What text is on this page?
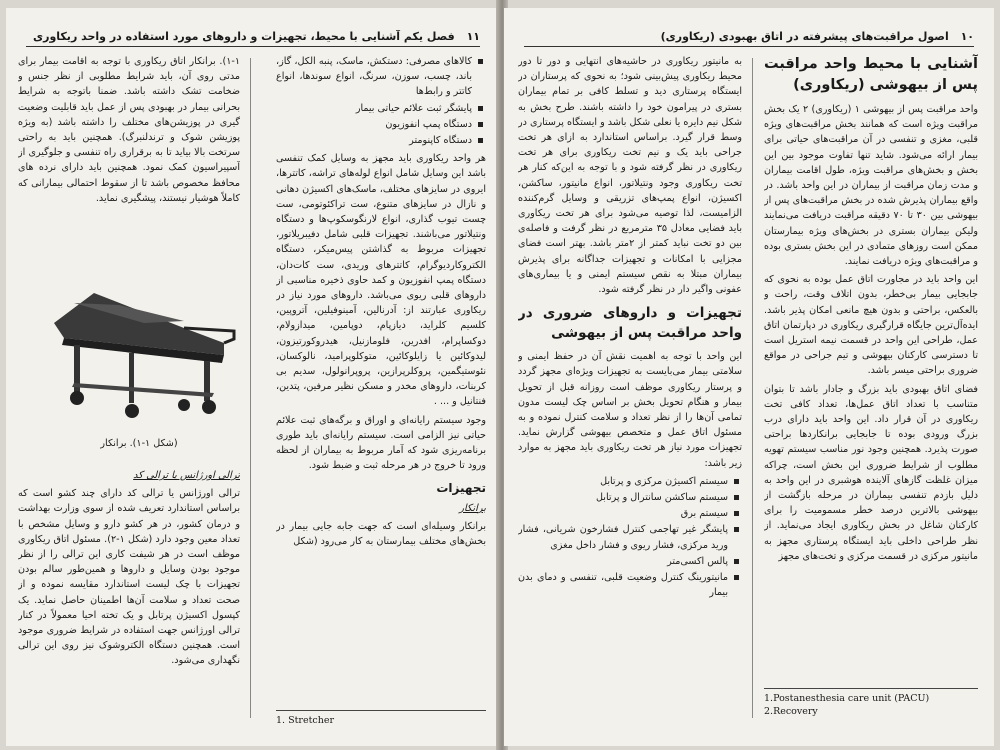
۱۱ فصل یکم آشنایی با محیط، تجهیزات و داروهای مورد استفاده در واحد ریکاوری
کالاهای مصرفی: دستکش، ماسک، پنبه الکل، گاز، باند، چسب، سوزن، سرنگ، انواع سوندها، انواع کاتتر و رابط‌ها
پایشگر ثبت علائم حیاتی بیمار
دستگاه پمپ انفوزیون
دستگاه کاپنومتر

هر واحد ریکاوری باید مجهز به وسایل کمک تنفسی باشد این وسایل شامل انواع لوله‌های تراشه، کاتترها، ایروی در سایزهای مختلف، ماسک‌های اکسیژن دهانی و نازال در سایزهای متنوع، ست تراکئوتومی، ست چست تیوب گذاری، انواع لارنگوسکوپ‌ها و دستگاه ونتیلاتور می‌باشند. تجهیزات قلبی شامل دفیبریلاتور، تجهیزات مربوط به گذاشتن پیس‌میکر، دستگاه الکتروکاردیوگرام، کاتترهای وریدی، ست کات‌دان، دستگاه پمپ انفوزیون و کمد حاوی ذخیره مناسبی از داروهای قلبی ریوی می‌باشد. داروهای مورد نیاز در ریکاوری عبارتند از: آدرنالین، آمینوفیلین، آتروپین، کلسیم کلراید، دیازپام، دوپامین، میدازولام، دوکساپرام، افدرین، فلومازنیل، هیدروکورتیزون، لیدوکائین یا زایلوکائین، متوکلوپرامید، نالوکسان، نئوستیگمین، پروکلرپرازین، پروپرانولول، سدیم بی کربنات، داروهای مخدر و مسکن نظیر مرفین، پتدین، فنتانیل و ... .

وجود سیستم رایانه‌ای و اوراق و برگه‌های ثبت علائم حیاتی نیز الزامی است. سیستم رایانه‌ای باید طوری برنامه‌ریزی شود که آمار مربوط به بیماران از لحظه ورود تا خروج در هر مرحله ثبت و ضبط شود.

تجهیزات
برانکار

برانکار وسیله‌ای است که جهت جابه جایی بیمار در بخش‌های مختلف بیمارستان به کار می‌رود (شکل

1. Stretcher

۱-۱). برانکار اتاق ریکاوری با توجه به اقامت بیمار برای مدتی روی آن، باید شرایط مطلوبی از نظر جنس و ضخامت تشک داشته باشد. ضمنا باتوجه به شرایط بحرانی بیمار در بهبودی پس از عمل باید قابلیت وضعیت گیری در پوزیشن‌های مختلف را داشته باشد (به ویژه پوزیشن شوک و ترندلنبرگ). همچنین باید به راحتی سرتخت بالا بیاید تا به برقراری راه تنفسی و جلوگیری از آسپیراسیون کمک نمود. همچنین باید دارای نرده های محافظ مخصوص باشد تا از سقوط احتمالی بیمارانی که کاملاً هوشیار نیستند، پیشگیری نماید.

(شکل ۱-۱). برانکار
ترالی اورژانس یا ترالی کد

ترالی اورژانس یا ترالی کد دارای چند کشو است که براساس استاندارد تعریف شده از سوی وزارت بهداشت و درمان کشور، در هر کشو دارو و وسایل مشخص با تعداد معین وجود دارد (شکل ۱-۲). مسئول اتاق ریکاوری موظف است در هر شیفت کاری این ترالی را از نظر موجود بودن وسایل و داروها و همین‌طور سالم بودن تجهیزات با چک لیست استاندارد مقایسه نموده و از صحت تعداد و سلامت آن‌ها اطمینان حاصل نماید. یک کپسول اکسیژن پرتابل و یک تخته احیا معمولاً در کنار ترالی اورژانس جهت استفاده در شرایط ضروری موجود است. همچنین دستگاه الکتروشوک نیز روی این ترالی نگهداری می‌شود.

۱۰ اصول مراقبت‌های پیشرفته در اتاق بهبودی (ریکاوری)
آشنایی با محیط واحد مراقبت پس از بیهوشی (ریکاوری)

واحد مراقبت پس از بیهوشی ۱ (ریکاوری) ۲ یک بخش مراقبت ویژه است که همانند بخش مراقبت‌های ویژه قلبی، مغزی و تنفسی در آن مراقبت‌های حیاتی برای بیمار ارائه می‌شود. شاید تنها تفاوت موجود بین این بخش و بخش‌های مراقبت ویژه، طول اقامت بیماران و مدت زمان مراقبت از بیماران در این واحد باشد. در واقع بیماران پذیرش شده در بخش مراقبت‌های پس از بیهوشی بین ۳۰ تا ۷۰ دقیقه مراقبت دریافت می‌نمایند ولیکن بیماران بستری در بخش‌های ویژه بیمارستان ممکن است روزهای متمادی در این بخش بستری بوده و مراقبت‌های ویژه دریافت نمایند.

این واحد باید در مجاورت اتاق عمل بوده به نحوی که جابجایی بیمار بی‌خطر، بدون اتلاف وقت، راحت و بالعکس، براحتی و بدون هیچ مانعی امکان پذیر باشد. ایده‌آل‌ترین جایگاه قرارگیری ریکاوری در دپارتمان اتاق عمل، طراحی این واحد در قسمت نیمه استریل است تا دسترسی کارکنان بیهوشی و تیم جراحی در مواقع ضروری براحتی میسر باشد.

فضای اتاق بهبودی باید بزرگ و جادار باشد تا بتوان متناسب با تعداد اتاق عمل‌ها، تعداد کافی تخت ریکاوری در آن قرار داد. این واحد باید دارای درب بزرگ ورودی بوده تا جابجایی برانکاردها براحتی صورت پذیرد. همچنین وجود نور مناسب سیستم تهویه مطلوب از شرایط ضروری این بخش است، چراکه میزان غلظت گازهای آلاینده هوشبری در این واحد به دلیل بازدم تنفسی بیماران در مرحله بازگشت از بیهوشی بالاترین درصد خطر مسمومیت را برای کارکنان شاغل در بخش ریکاوری ایجاد می‌نماید. از نظر طراحی داخلی باید ایستگاه پرستاری مجهز به مانیتور مرکزی در قسمت مرکزی و تخت‌های مجهز

1.Postanesthesia care unit (PACU)
2.Recovery

به مانیتور ریکاوری در حاشیه‌های انتهایی و دور تا دور محیط ریکاوری پیش‌بینی شود؛ به نحوی که پرستاران در ایستگاه پرستاری دید و تسلط کافی بر تمام بیماران بستری در پیرامون خود را داشته باشند. طرح بخش به شکل نیم دایره یا نعلی شکل باشد و ایستگاه پرستاری در وسط قرار گیرد. براساس استاندارد به ازای هر تخت جراحی باید یک و نیم تخت ریکاوری برای هر تخت ریکاوری در نظر گرفته شود و با توجه به این‌که کنار هر تخت ریکاوری وجود ونتیلاتور، انواع مانیتور، ساکشن، اکسیژن، انواع پمپ‌های تزریقی و وسایل گرم‌کننده الزامیست، لذا توصیه می‌شود برای هر تخت ریکاوری باید فضایی معادل ۳۵ مترمربع در نظر گرفت و فاصله‌ی بین دو تخت نباید کمتر از ۲متر باشد. بهتر است فضای مجزایی با امکانات و تجهیزات جداگانه برای پذیرش بیماران مبتلا به نقص سیستم ایمنی و یا بیماری‌های عفونی واگیر دار در نظر گرفته شود.

تجهیزات و داروهای ضروری در واحد مراقبت پس از بیهوشی

این واحد با توجه به اهمیت نقش آن در حفظ ایمنی و سلامتی بیمار می‌بایست به تجهیزات ویژه‌ای مجهز گردد و پرستار ریکاوری موظف است روزانه قبل از تحویل بیمار و هنگام تحویل بخش بر اساس چک لیست مدون تمامی آن‌ها را از نظر تعداد و سلامت کنترل نموده و به مسئول اتاق عمل و متخصص بیهوشی گزارش نماید. تجهیزات مورد نیاز هر تخت ریکاوری باید مجهز به موارد زیر باشد:

سیستم اکسیژن مرکزی و پرتابل
سیستم ساکشن سانترال و پرتابل
سیستم برق
پایشگر غیر تهاجمی کنترل فشارخون شریانی، فشار ورید مرکزی، فشار ریوی و فشار داخل مغزی
پالس اکسی‌متر
مانیتورینگ کنترل وضعیت قلبی، تنفسی و دمای بدن بیمار
